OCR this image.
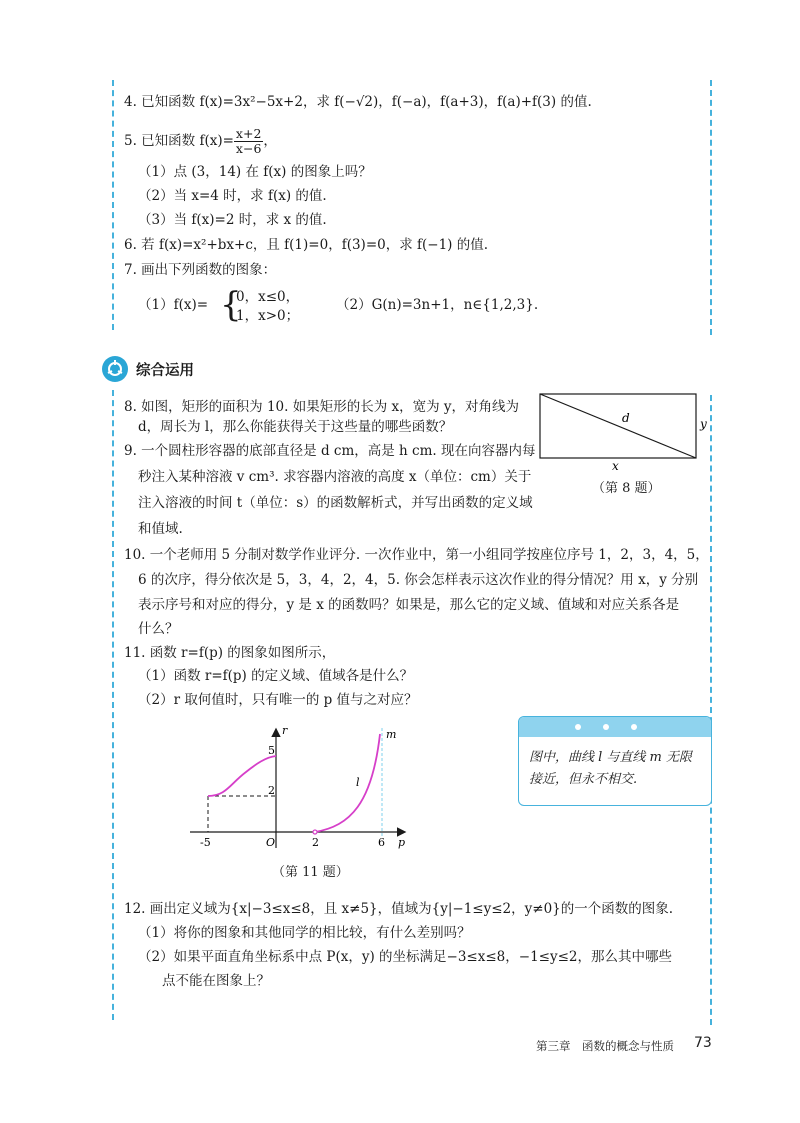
4. 已知函数 f(x)=3x²−5x+2，求 f(−√2)，f(−a)，f(a+3)，f(a)+f(3) 的值.
5. 已知函数 $f(x)= \frac{x+2}{x-6}$ ，
（1）点 (3，14) 在 f(x) 的图象上吗？
（2）当 x=4 时，求 f(x) 的值.
（3）当 f(x)=2 时，求 x 的值.
6. 若 f(x)=x²+bx+c，且 f(1)=0，f(3)=0，求 f(−1) 的值.
7. 画出下列函数的图象：
（1）f(x)= {
0，x≤0，
1，x>0；
（2）G(n)=3n+1，n∈{1,2,3}.
综合运用
8. 如图，矩形的面积为 10. 如果矩形的长为 x，宽为 y，对角线为
d，周长为 l，那么你能获得关于这些量的哪些函数？
9. 一个圆柱形容器的底部直径是 d cm，高是 h cm. 现在向容器内每
秒注入某种溶液 v cm³. 求容器内溶液的高度 x（单位：cm）关于
注入溶液的时间 t（单位：s）的函数解析式，并写出函数的定义域
和值域.
d
x
y
（第 8 题）
10. 一个老师用 5 分制对数学作业评分. 一次作业中，第一小组同学按座位序号 1，2，3，4，5，
6 的次序，得分依次是 5，3，4，2，4，5. 你会怎样表示这次作业的得分情况？用 x，y 分别
表示序号和对应的得分，y 是 x 的函数吗？如果是，那么它的定义域、值域和对应关系各是
什么？
11. 函数 r=f(p) 的图象如图所示，
（1）函数 r=f(p) 的定义域、值域各是什么？
（2）r 取何值时，只有唯一的 p 值与之对应？
r
p
5
2
-5	O	2	6
l
m
（第 11 题）
图中，曲线 l 与直线 m 无限接近，但永不相交.
12. 画出定义域为{x|−3≤x≤8，且 x≠5}，值域为{y|−1≤y≤2，y≠0}的一个函数的图象.
（1）将你的图象和其他同学的相比较，有什么差别吗？
（2）如果平面直角坐标系中点 P(x，y) 的坐标满足−3≤x≤8，−1≤y≤2，那么其中哪些
点不能在图象上？
第三章　函数的概念与性质 73
